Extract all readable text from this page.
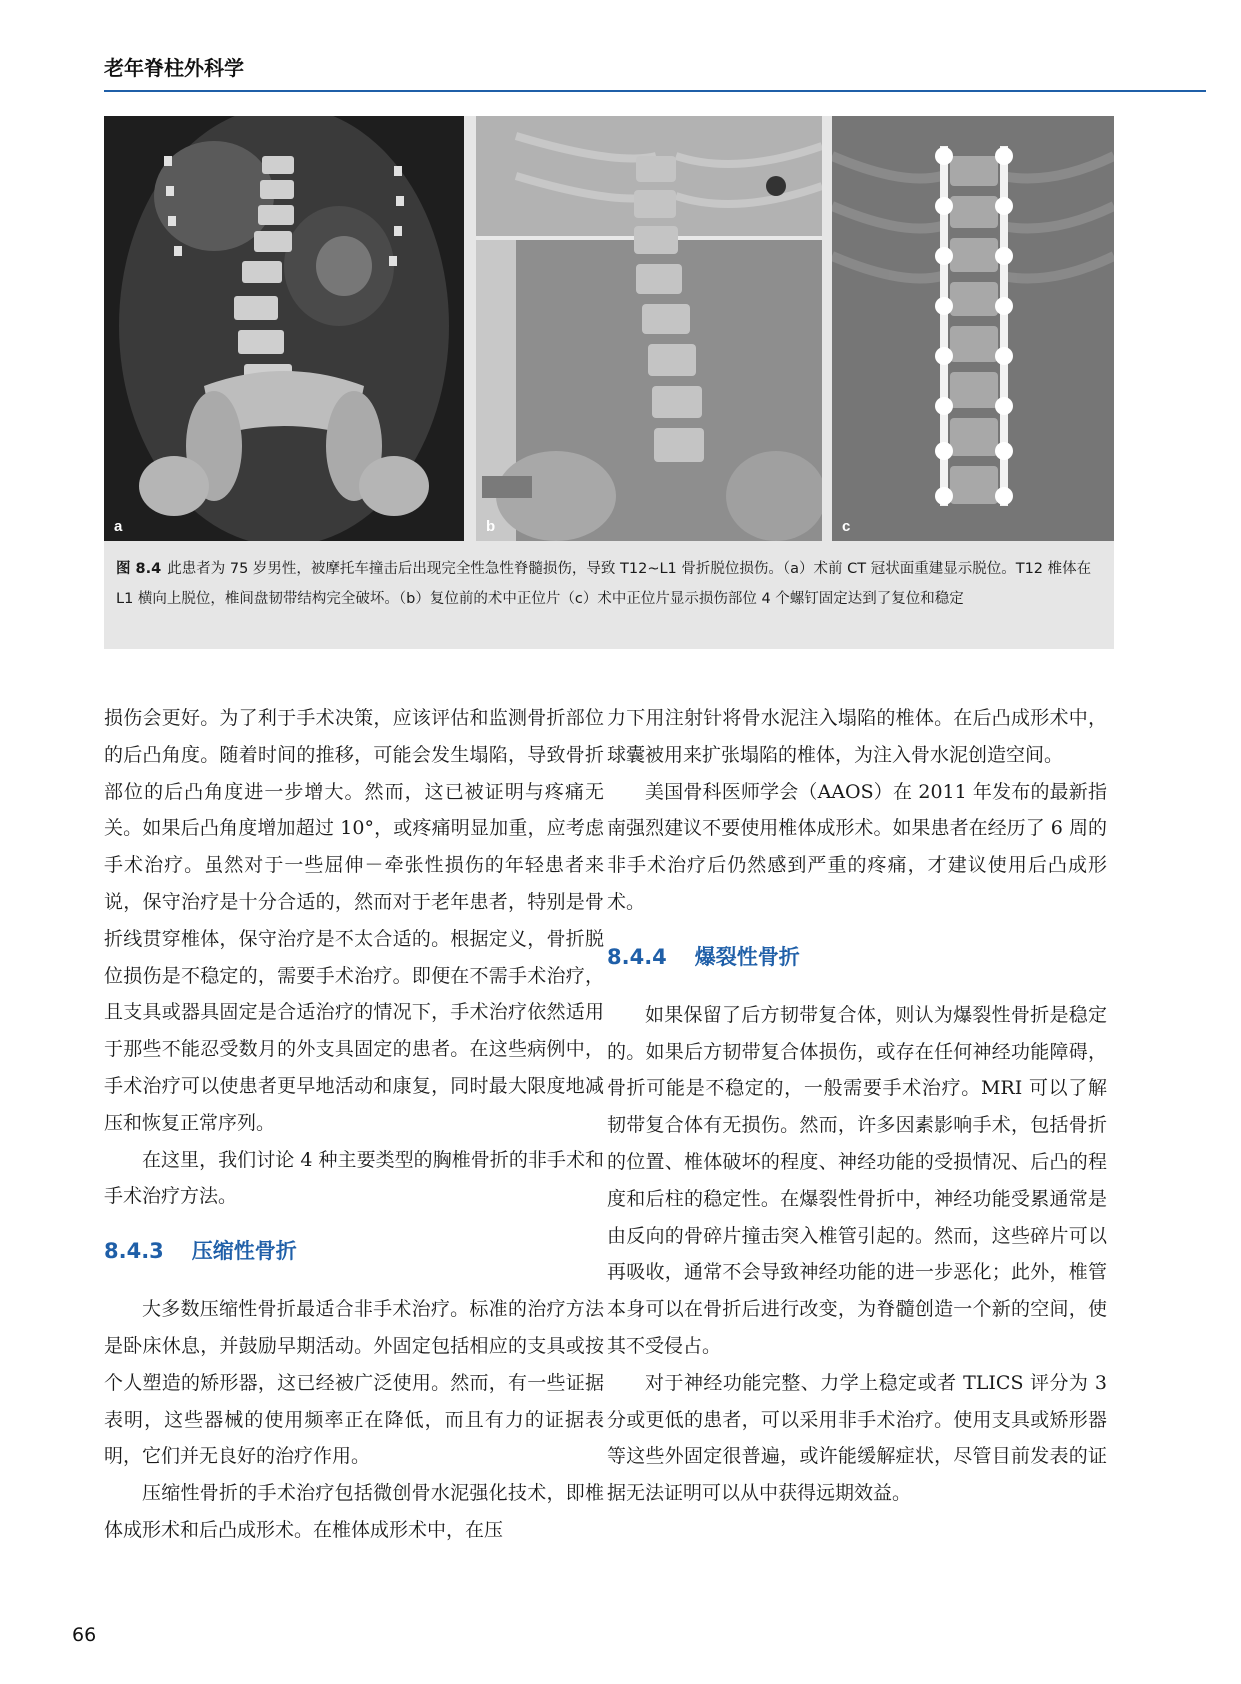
老年脊柱外科学
a	b	c
图 8.4 此患者为 75 岁男性，被摩托车撞击后出现完全性急性脊髓损伤，导致 T12~L1 骨折脱位损伤。（a）术前 CT 冠状面重建显示脱位。T12 椎体在 L1 横向上脱位，椎间盘韧带结构完全破坏。（b）复位前的术中正位片（c）术中正位片显示损伤部位 4 个螺钉固定达到了复位和稳定

损伤会更好。为了利于手术决策，应该评估和监测骨折部位的后凸角度。随着时间的推移，可能会发生塌陷，导致骨折部位的后凸角度进一步增大。然而，这已被证明与疼痛无关。如果后凸角度增加超过 10°，或疼痛明显加重，应考虑手术治疗。虽然对于一些屈伸－牵张性损伤的年轻患者来说，保守治疗是十分合适的，然而对于老年患者，特别是骨折线贯穿椎体，保守治疗是不太合适的。根据定义，骨折脱位损伤是不稳定的，需要手术治疗。即便在不需手术治疗，且支具或器具固定是合适治疗的情况下，手术治疗依然适用于那些不能忍受数月的外支具固定的患者。在这些病例中，手术治疗可以使患者更早地活动和康复，同时最大限度地减压和恢复正常序列。

在这里，我们讨论 4 种主要类型的胸椎骨折的非手术和手术治疗方法。

8.4.3 压缩性骨折

大多数压缩性骨折最适合非手术治疗。标准的治疗方法是卧床休息，并鼓励早期活动。外固定包括相应的支具或按个人塑造的矫形器，这已经被广泛使用。然而，有一些证据表明，这些器械的使用频率正在降低，而且有力的证据表明，它们并无良好的治疗作用。

压缩性骨折的手术治疗包括微创骨水泥强化技术，即椎体成形术和后凸成形术。在椎体成形术中，在压

力下用注射针将骨水泥注入塌陷的椎体。在后凸成形术中，球囊被用来扩张塌陷的椎体，为注入骨水泥创造空间。

美国骨科医师学会（AAOS）在 2011 年发布的最新指南强烈建议不要使用椎体成形术。如果患者在经历了 6 周的非手术治疗后仍然感到严重的疼痛，才建议使用后凸成形术。

8.4.4 爆裂性骨折

如果保留了后方韧带复合体，则认为爆裂性骨折是稳定的。如果后方韧带复合体损伤，或存在任何神经功能障碍，骨折可能是不稳定的，一般需要手术治疗。MRI 可以了解韧带复合体有无损伤。然而，许多因素影响手术，包括骨折的位置、椎体破坏的程度、神经功能的受损情况、后凸的程度和后柱的稳定性。在爆裂性骨折中，神经功能受累通常是由反向的骨碎片撞击突入椎管引起的。然而，这些碎片可以再吸收，通常不会导致神经功能的进一步恶化；此外，椎管本身可以在骨折后进行改变，为脊髓创造一个新的空间，使其不受侵占。

对于神经功能完整、力学上稳定或者 TLICS 评分为 3 分或更低的患者，可以采用非手术治疗。使用支具或矫形器等这些外固定很普遍，或许能缓解症状，尽管目前发表的证据无法证明可以从中获得远期效益。

66
